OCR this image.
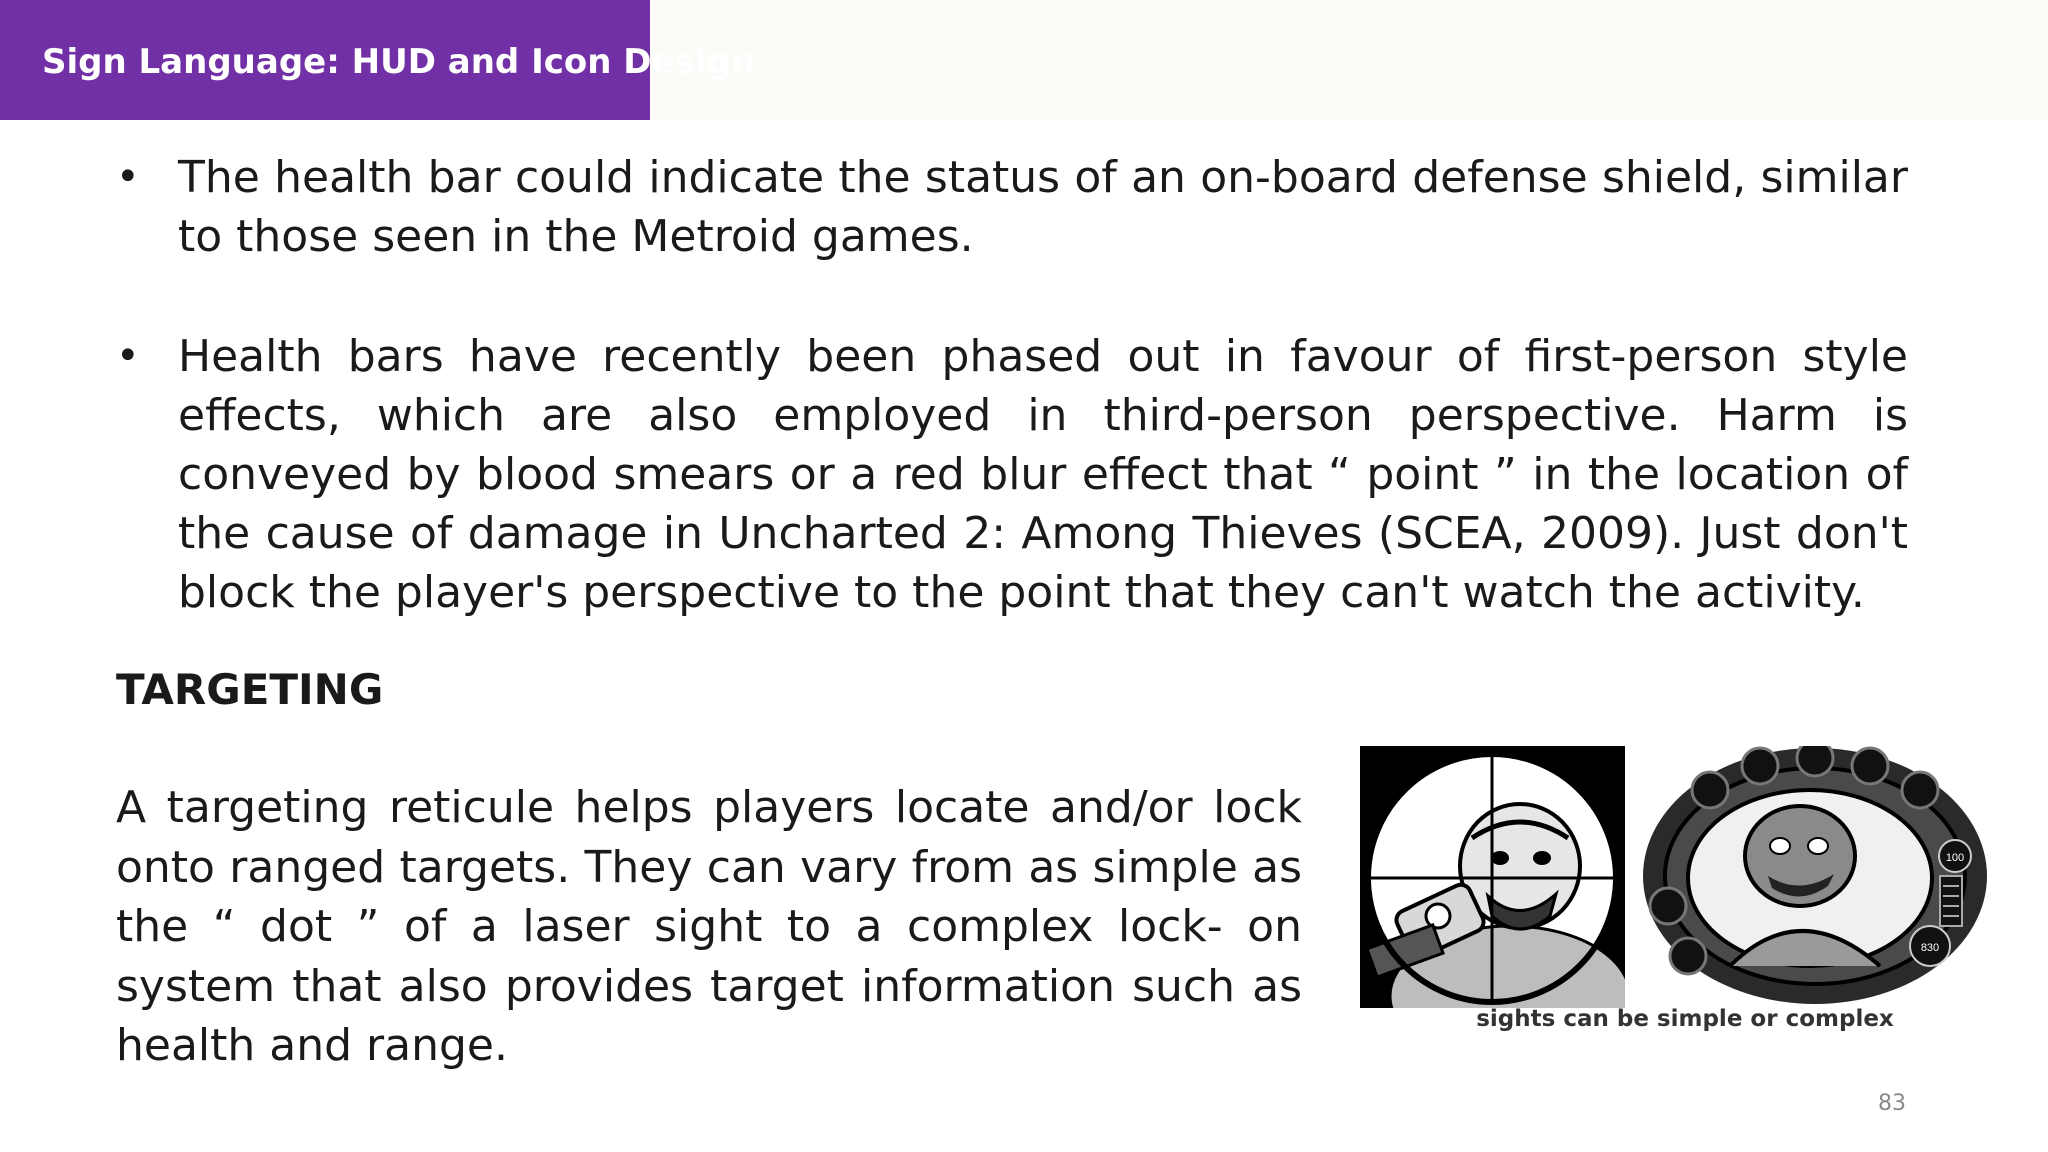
Sign Language: HUD and Icon Design
• The health bar could indicate the status of an on-board defense shield, similar to those seen in the Metroid games.
• Health bars have recently been phased out in favour of first-person style effects, which are also employed in third-person perspective. Harm is conveyed by blood smears or a red blur effect that “ point ” in the location of the cause of damage in Uncharted 2: Among Thieves (SCEA, 2009). Just don't block the player's perspective to the point that they can't watch the activity.
TARGETING
A targeting reticule helps players locate and/or lock onto ranged targets. They can vary from as simple as the “ dot ” of a laser sight to a complex lock- on system that also provides target information such as health and range.
100
830
sights can be simple or complex
83
